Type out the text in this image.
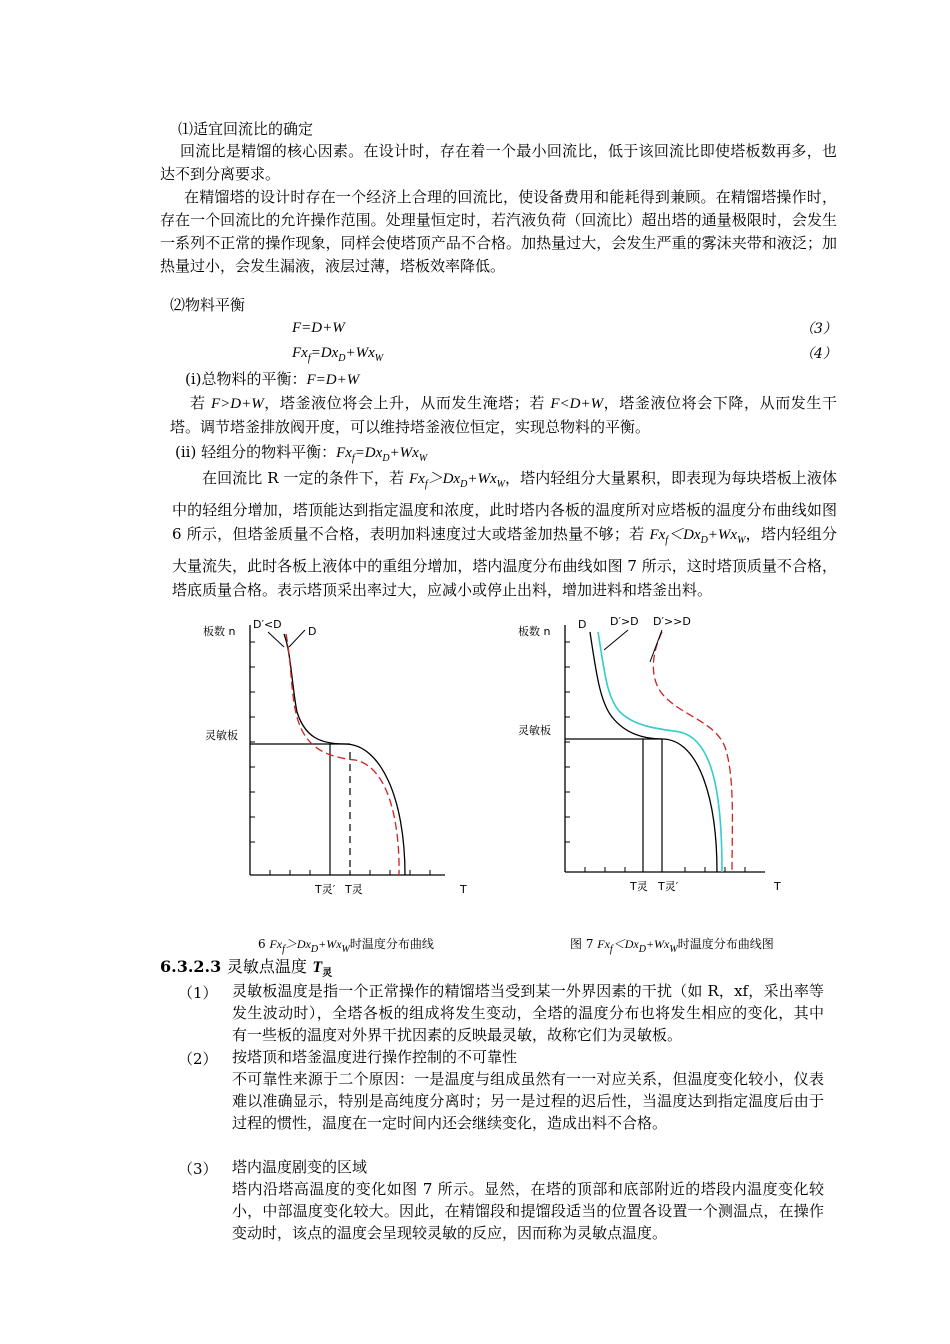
⑴适宜回流比的确定
回流比是精馏的核心因素。在设计时，存在着一个最小回流比，低于该回流比即使塔板数再多，也达不到分离要求。
在精馏塔的设计时存在一个经济上合理的回流比，使设备费用和能耗得到兼顾。在精馏塔操作时，存在一个回流比的允许操作范围。处理量恒定时，若汽液负荷（回流比）超出塔的通量极限时，会发生一系列不正常的操作现象，同样会使塔顶产品不合格。加热量过大，会发生严重的雾沫夹带和液泛；加热量过小，会发生漏液，液层过薄，塔板效率降低。
⑵物料平衡
F=D+W	（3）
$Fx_f=Dx_D+Wx_W$	（4）
(i)总物料的平衡：F=D+W
若 F>D+W，塔釜液位将会上升，从而发生淹塔；若 F<D+W，塔釜液位将会下降，从而发生干塔。调节塔釜排放阀开度，可以维持塔釜液位恒定，实现总物料的平衡。
(ii) 轻组分的物料平衡：$Fx_f=Dx_D+Wx_W$
在回流比 R 一定的条件下，若 $Fx_f>Dx_D+Wx_W$，塔内轻组分大量累积，即表现为每块塔板上液体中的轻组分增加，塔顶能达到指定温度和浓度，此时塔内各板的温度所对应塔板的温度分布曲线如图 6 所示，但塔釜质量不合格，表明加料速度过大或塔釜加热量不够；若 $Fx_f<Dx_D+Wx_W$，塔内轻组分大量流失，此时各板上液体中的重组分增加，塔内温度分布曲线如图 7 所示，这时塔顶质量不合格，塔底质量合格。表示塔顶采出率过大，应减小或停止出料，增加进料和塔釜出料。
板数 n
D′<D
D
灵敏板
T灵′ T灵	T
板数 n
D D′>D D′>>D
灵敏板
T灵 T灵′	T
6 $Fx_f>Dx_D+Wx_W$时温度分布曲线	图 7 $Fx_f<Dx_D+Wx_W$时温度分布曲线图
6.3.2.3 灵敏点温度 $T_灵$
（1） 灵敏板温度是指一个正常操作的精馏塔当受到某一外界因素的干扰（如 R，xf，采出率等发生波动时），全塔各板的组成将发生变动，全塔的温度分布也将发生相应的变化，其中有一些板的温度对外界干扰因素的反映最灵敏，故称它们为灵敏板。
（2） 按塔顶和塔釜温度进行操作控制的不可靠性
不可靠性来源于二个原因：一是温度与组成虽然有一一对应关系，但温度变化较小，仪表难以准确显示，特别是高纯度分离时；另一是过程的迟后性，当温度达到指定温度后由于过程的惯性，温度在一定时间内还会继续变化，造成出料不合格。
（3） 塔内温度剧变的区域
塔内沿塔高温度的变化如图 7 所示。显然，在塔的顶部和底部附近的塔段内温度变化较小，中部温度变化较大。因此，在精馏段和提馏段适当的位置各设置一个测温点，在操作变动时，该点的温度会呈现较灵敏的反应，因而称为灵敏点温度。
